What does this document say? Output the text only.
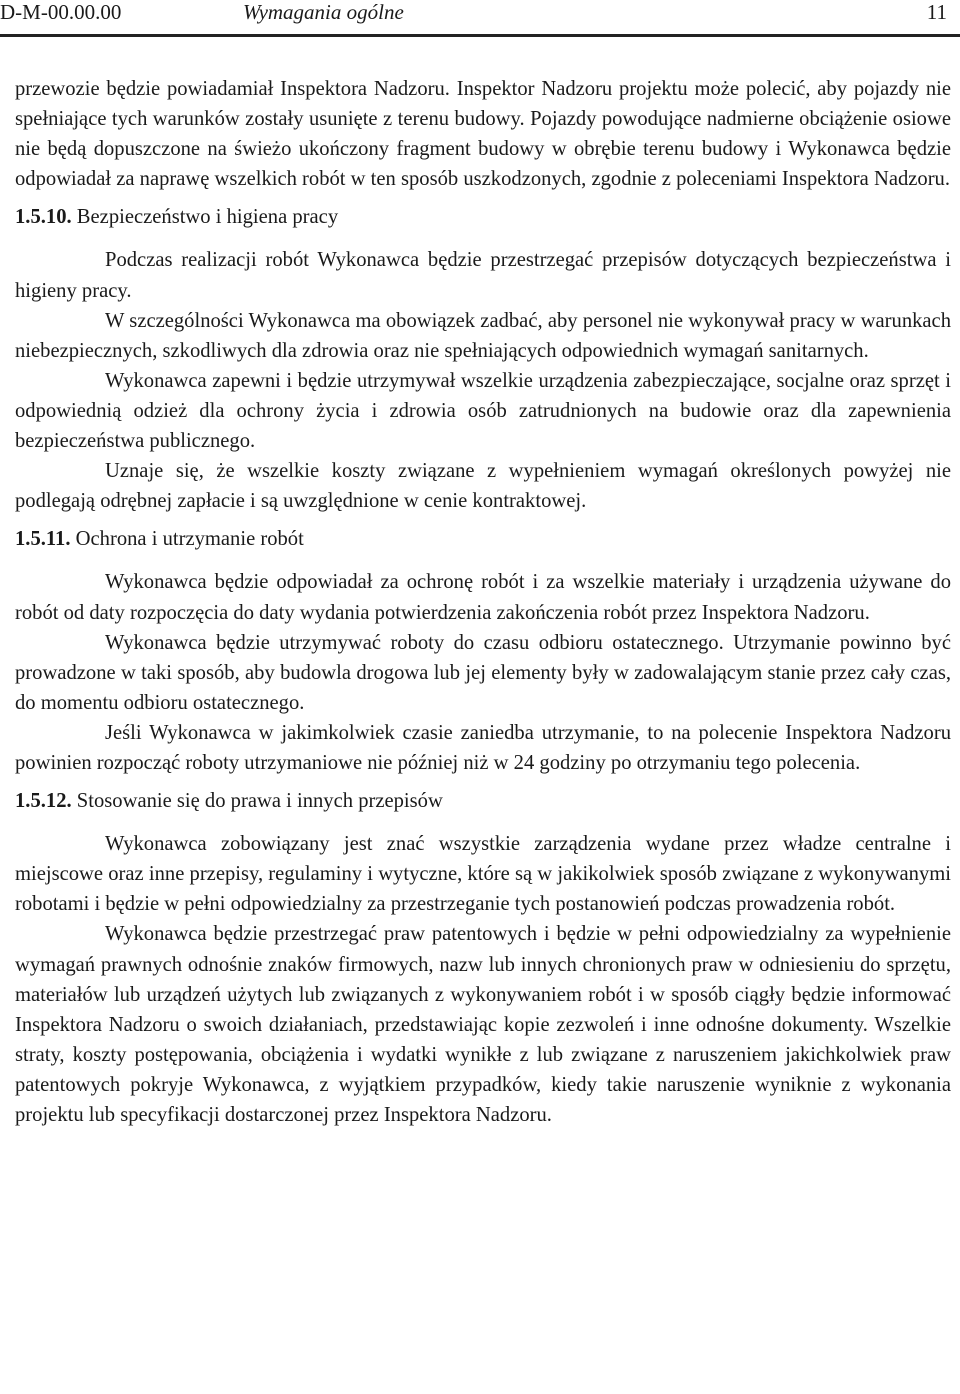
D-M-00.00.00	Wymagania ogólne	11

przewozie będzie powiadamiał Inspektora Nadzoru. Inspektor Nadzoru projektu może polecić, aby pojazdy nie spełniające tych warunków zostały usunięte z terenu budowy. Pojazdy powodujące nadmierne obciążenie osiowe nie będą dopuszczone na świeżo ukończony fragment budowy w obrębie terenu budowy i Wykonawca będzie odpowiadał za naprawę wszelkich robót w ten sposób uszkodzonych, zgodnie z poleceniami Inspektora Nadzoru.

1.5.10. Bezpieczeństwo i higiena pracy

Podczas realizacji robót Wykonawca będzie przestrzegać przepisów dotyczących bezpieczeństwa i higieny pracy.

W szczególności Wykonawca ma obowiązek zadbać, aby personel nie wykonywał pracy w warunkach niebezpiecznych, szkodliwych dla zdrowia oraz nie spełniających odpowiednich wymagań sanitarnych.

Wykonawca zapewni i będzie utrzymywał wszelkie urządzenia zabezpieczające, socjalne oraz sprzęt i odpowiednią odzież dla ochrony życia i zdrowia osób zatrudnionych na budowie oraz dla zapewnienia bezpieczeństwa publicznego.

Uznaje się, że wszelkie koszty związane z wypełnieniem wymagań określonych powyżej nie podlegają odrębnej zapłacie i są uwzględnione w cenie kontraktowej.

1.5.11. Ochrona i utrzymanie robót

Wykonawca będzie odpowiadał za ochronę robót i za wszelkie materiały i urządzenia używane do robót od daty rozpoczęcia do daty wydania potwierdzenia zakończenia robót przez Inspektora Nadzoru.

Wykonawca będzie utrzymywać roboty do czasu odbioru ostatecznego. Utrzymanie powinno być prowadzone w taki sposób, aby budowla drogowa lub jej elementy były w zadowalającym stanie przez cały czas, do momentu odbioru ostatecznego.

Jeśli Wykonawca w jakimkolwiek czasie zaniedba utrzymanie, to na polecenie Inspektora Nadzoru powinien rozpocząć roboty utrzymaniowe nie później niż w 24 godziny po otrzymaniu tego polecenia.

1.5.12. Stosowanie się do prawa i innych przepisów

Wykonawca zobowiązany jest znać wszystkie zarządzenia wydane przez władze centralne i miejscowe oraz inne przepisy, regulaminy i wytyczne, które są w jakikolwiek sposób związane z wykonywanymi robotami i będzie w pełni odpowiedzialny za przestrzeganie tych postanowień podczas prowadzenia robót.

Wykonawca będzie przestrzegać praw patentowych i będzie w pełni odpowiedzialny za wypełnienie wymagań prawnych odnośnie znaków firmowych, nazw lub innych chronionych praw w odniesieniu do sprzętu, materiałów lub urządzeń użytych lub związanych z wykonywaniem robót i w sposób ciągły będzie informować Inspektora Nadzoru o swoich działaniach, przedstawiając kopie zezwoleń i inne odnośne dokumenty. Wszelkie straty, koszty postępowania, obciążenia i wydatki wynikłe z lub związane z naruszeniem jakichkolwiek praw patentowych pokryje Wykonawca, z wyjątkiem przypadków, kiedy takie naruszenie wyniknie z wykonania projektu lub specyfikacji dostarczonej przez Inspektora Nadzoru.
